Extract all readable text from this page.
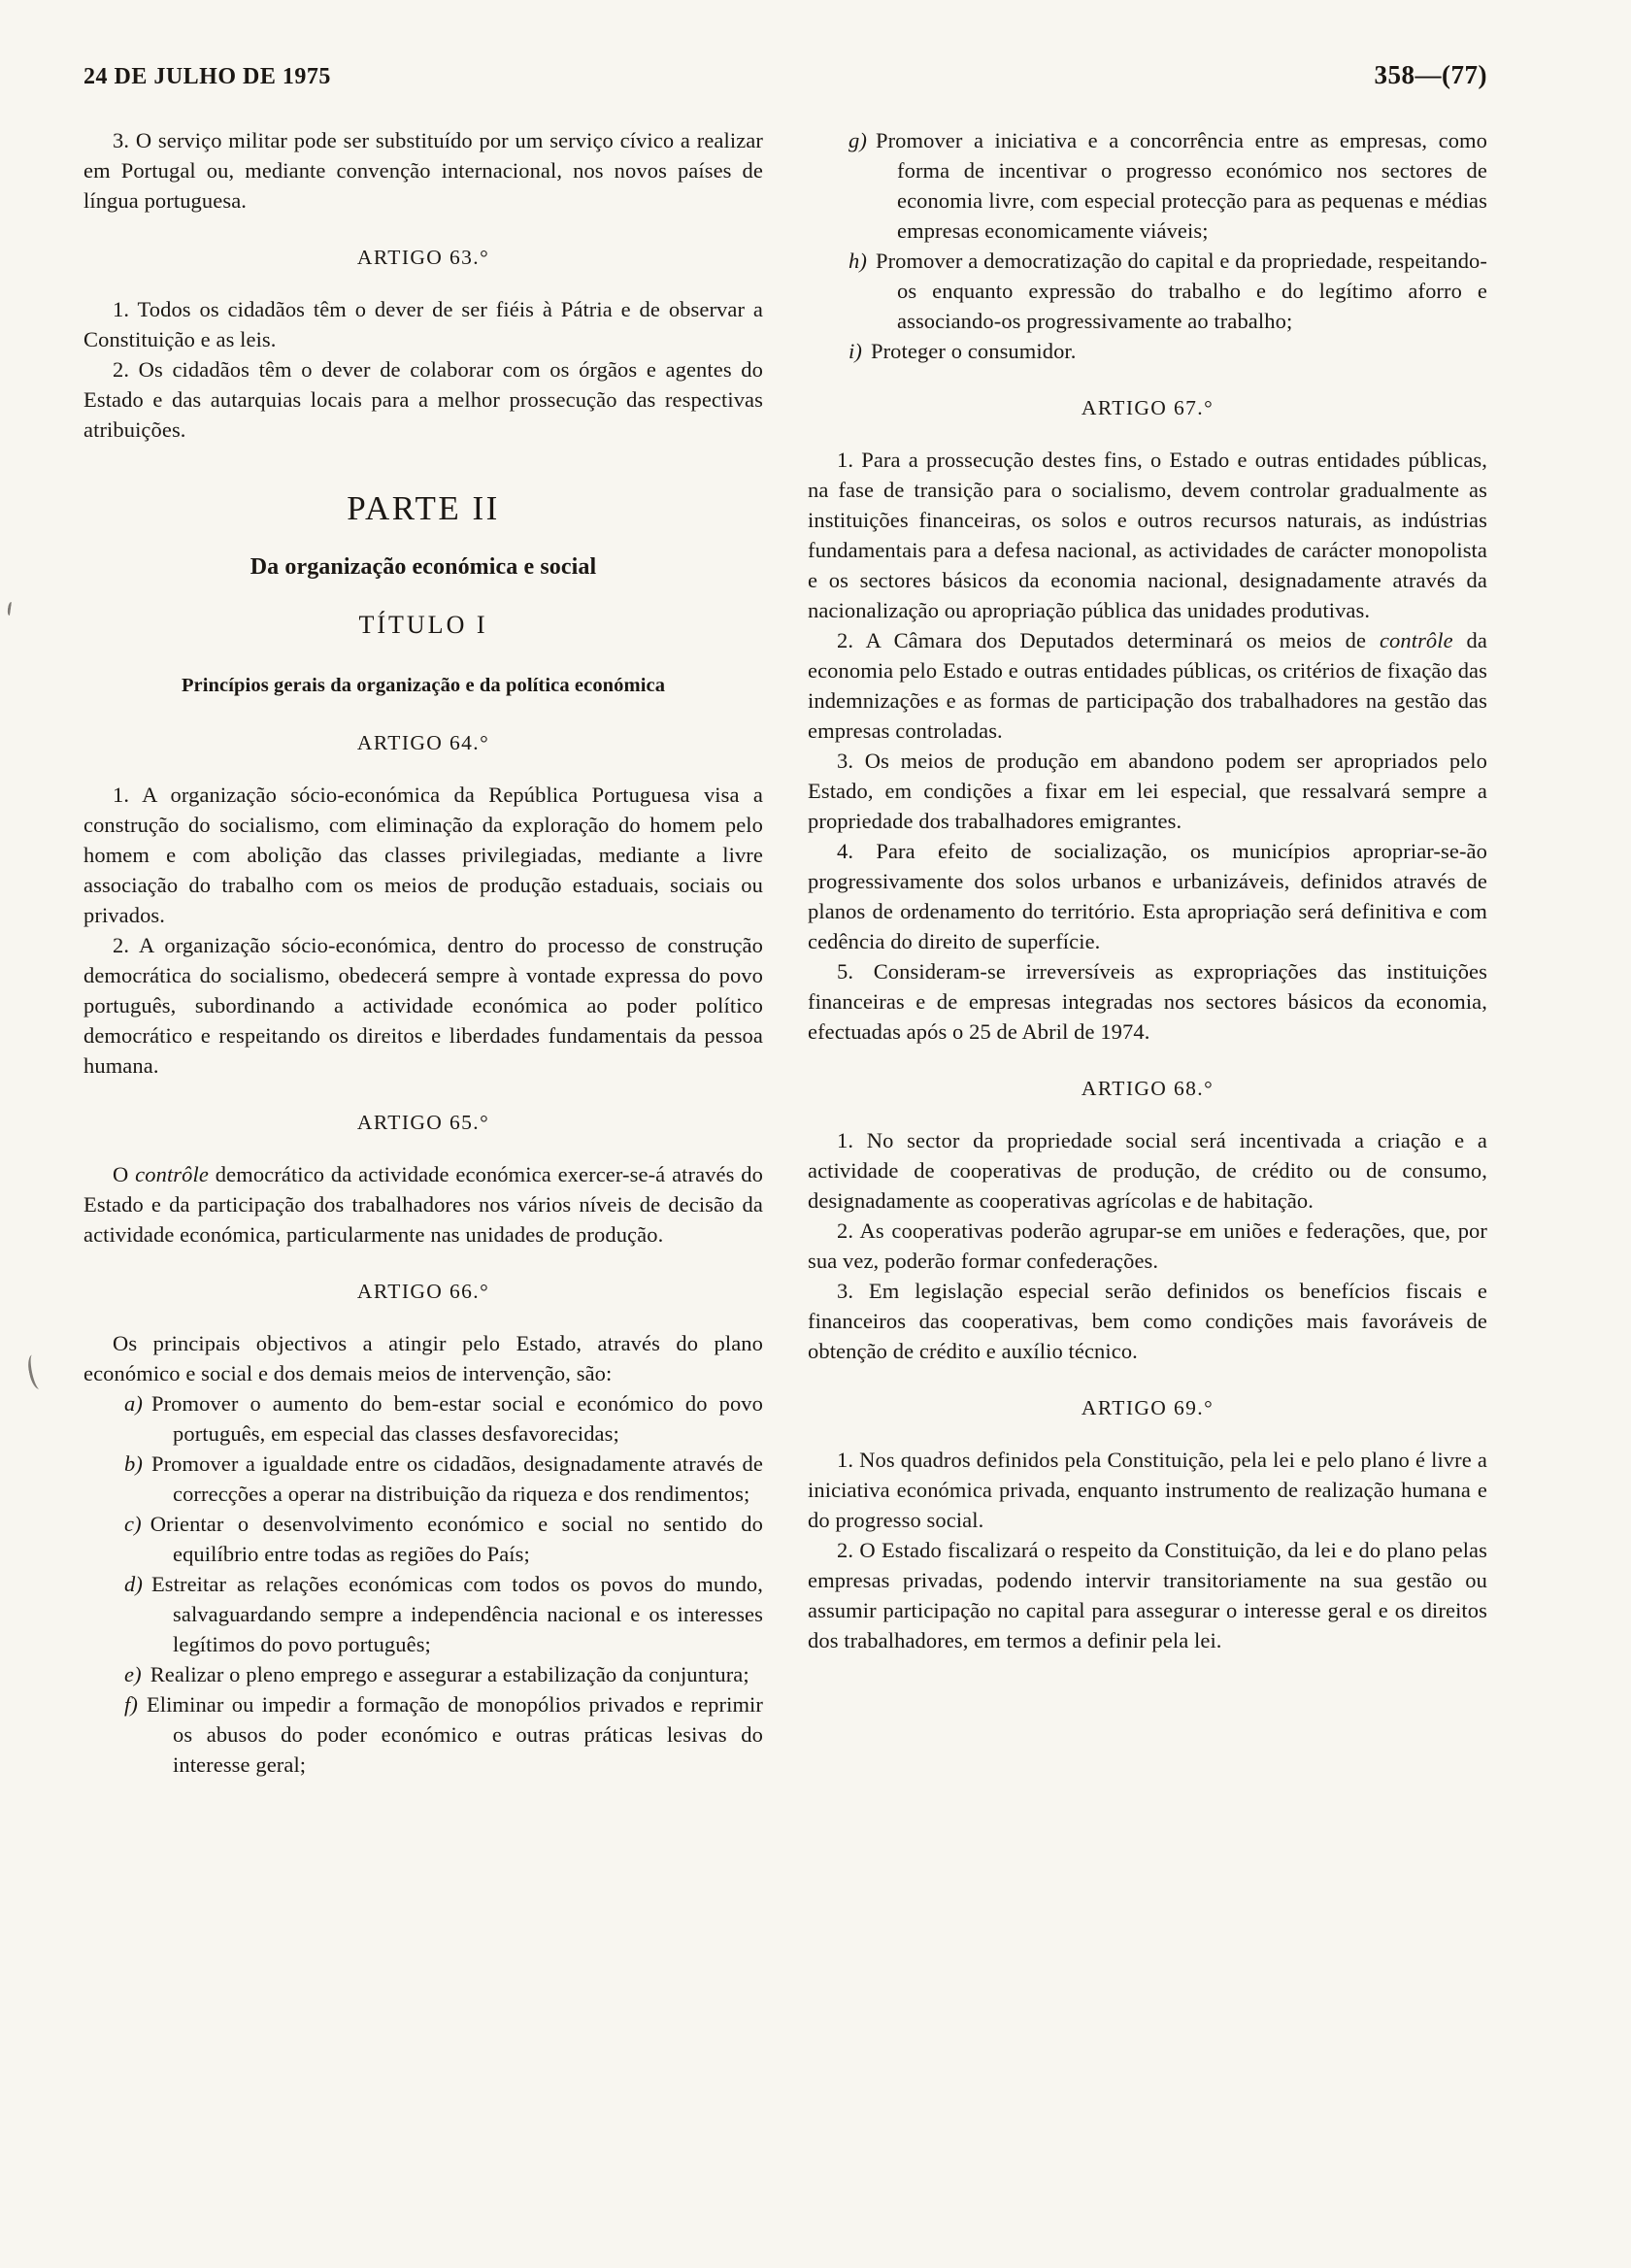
24 DE JULHO DE 1975	358—(77)

3. O serviço militar pode ser substituído por um serviço cívico a realizar em Portugal ou, mediante convenção internacional, nos novos países de língua portuguesa.

ARTIGO 63.°

1. Todos os cidadãos têm o dever de ser fiéis à Pátria e de observar a Constituição e as leis.

2. Os cidadãos têm o dever de colaborar com os órgãos e agentes do Estado e das autarquias locais para a melhor prossecução das respectivas atribuições.

PARTE II
Da organização económica e social
TÍTULO I
Princípios gerais da organização e da política económica
ARTIGO 64.°

1. A organização sócio-económica da República Portuguesa visa a construção do socialismo, com eliminação da exploração do homem pelo homem e com abolição das classes privilegiadas, mediante a livre associação do trabalho com os meios de produção estaduais, sociais ou privados.

2. A organização sócio-económica, dentro do processo de construção democrática do socialismo, obedecerá sempre à vontade expressa do povo português, subordinando a actividade económica ao poder político democrático e respeitando os direitos e liberdades fundamentais da pessoa humana.

ARTIGO 65.°

O contrôle democrático da actividade económica exercer-se-á através do Estado e da participação dos trabalhadores nos vários níveis de decisão da actividade económica, particularmente nas unidades de produção.

ARTIGO 66.°

Os principais objectivos a atingir pelo Estado, através do plano económico e social e dos demais meios de intervenção, são:

a) Promover o aumento do bem-estar social e económico do povo português, em especial das classes desfavorecidas;
b) Promover a igualdade entre os cidadãos, designadamente através de correcções a operar na distribuição da riqueza e dos rendimentos;
c) Orientar o desenvolvimento económico e social no sentido do equilíbrio entre todas as regiões do País;
d) Estreitar as relações económicas com todos os povos do mundo, salvaguardando sempre a independência nacional e os interesses legítimos do povo português;
e) Realizar o pleno emprego e assegurar a estabilização da conjuntura;
f) Eliminar ou impedir a formação de monopólios privados e reprimir os abusos do poder económico e outras práticas lesivas do interesse geral;
g) Promover a iniciativa e a concorrência entre as empresas, como forma de incentivar o progresso económico nos sectores de economia livre, com especial protecção para as pequenas e médias empresas economicamente viáveis;
h) Promover a democratização do capital e da propriedade, respeitando-os enquanto expressão do trabalho e do legítimo aforro e associando-os progressivamente ao trabalho;
i) Proteger o consumidor.
ARTIGO 67.°

1. Para a prossecução destes fins, o Estado e outras entidades públicas, na fase de transição para o socialismo, devem controlar gradualmente as instituições financeiras, os solos e outros recursos naturais, as indústrias fundamentais para a defesa nacional, as actividades de carácter monopolista e os sectores básicos da economia nacional, designadamente através da nacionalização ou apropriação pública das unidades produtivas.

2. A Câmara dos Deputados determinará os meios de contrôle da economia pelo Estado e outras entidades públicas, os critérios de fixação das indemnizações e as formas de participação dos trabalhadores na gestão das empresas controladas.

3. Os meios de produção em abandono podem ser apropriados pelo Estado, em condições a fixar em lei especial, que ressalvará sempre a propriedade dos trabalhadores emigrantes.

4. Para efeito de socialização, os municípios apropriar-se-ão progressivamente dos solos urbanos e urbanizáveis, definidos através de planos de ordenamento do território. Esta apropriação será definitiva e com cedência do direito de superfície.

5. Consideram-se irreversíveis as expropriações das instituições financeiras e de empresas integradas nos sectores básicos da economia, efectuadas após o 25 de Abril de 1974.

ARTIGO 68.°

1. No sector da propriedade social será incentivada a criação e a actividade de cooperativas de produção, de crédito ou de consumo, designadamente as cooperativas agrícolas e de habitação.

2. As cooperativas poderão agrupar-se em uniões e federações, que, por sua vez, poderão formar confederações.

3. Em legislação especial serão definidos os benefícios fiscais e financeiros das cooperativas, bem como condições mais favoráveis de obtenção de crédito e auxílio técnico.

ARTIGO 69.°

1. Nos quadros definidos pela Constituição, pela lei e pelo plano é livre a iniciativa económica privada, enquanto instrumento de realização humana e do progresso social.

2. O Estado fiscalizará o respeito da Constituição, da lei e do plano pelas empresas privadas, podendo intervir transitoriamente na sua gestão ou assumir participação no capital para assegurar o interesse geral e os direitos dos trabalhadores, em termos a definir pela lei.
